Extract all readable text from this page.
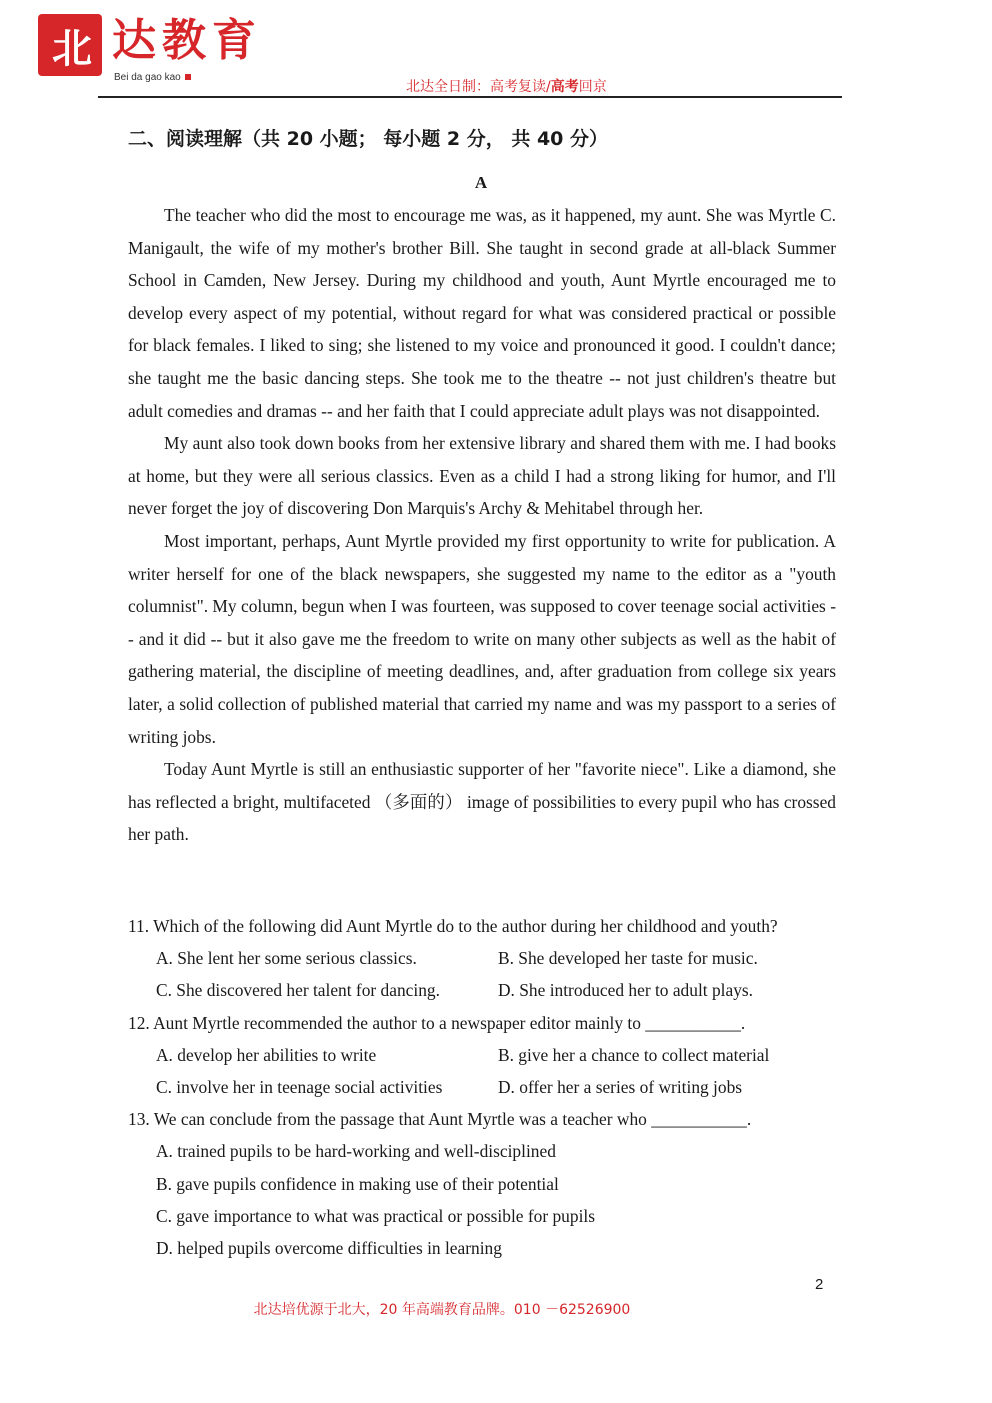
北 达教育
Bei da gao kao
北达全日制：高考复读/高考回京
二、阅读理解（共 20 小题； 每小题 2 分， 共 40 分）
A

The teacher who did the most to encourage me was, as it happened, my aunt. She was Myrtle C. Manigault, the wife of my mother's brother Bill. She taught in second grade at all-black Summer School in Camden, New Jersey. During my childhood and youth, Aunt Myrtle encouraged me to develop every aspect of my potential, without regard for what was considered practical or possible for black females. I liked to sing; she listened to my voice and pronounced it good. I couldn't dance; she taught me the basic dancing steps. She took me to the theatre -- not just children's theatre but adult comedies and dramas -- and her faith that I could appreciate adult plays was not disappointed.

My aunt also took down books from her extensive library and shared them with me. I had books at home, but they were all serious classics. Even as a child I had a strong liking for humor, and I'll never forget the joy of discovering Don Marquis's Archy & Mehitabel through her.

Most important, perhaps, Aunt Myrtle provided my first opportunity to write for publication. A writer herself for one of the black newspapers, she suggested my name to the editor as a "youth columnist". My column, begun when I was fourteen, was supposed to cover teenage social activities -- and it did -- but it also gave me the freedom to write on many other subjects as well as the habit of gathering material, the discipline of meeting deadlines, and, after graduation from college six years later, a solid collection of published material that carried my name and was my passport to a series of writing jobs.

Today Aunt Myrtle is still an enthusiastic supporter of her "favorite niece". Like a diamond, she has reflected a bright, multifaceted （多面的） image of possibilities to every pupil who has crossed her path.

11. Which of the following did Aunt Myrtle do to the author during her childhood and youth?
A. She lent her some serious classics.	B. She developed her taste for music.
C. She discovered her talent for dancing.	D. She introduced her to adult plays.
12. Aunt Myrtle recommended the author to a newspaper editor mainly to ___________.
A. develop her abilities to write	B. give her a chance to collect material
C. involve her in teenage social activities	D. offer her a series of writing jobs
13. We can conclude from the passage that Aunt Myrtle was a teacher who ___________.
A. trained pupils to be hard-working and well-disciplined
B. gave pupils confidence in making use of their potential
C. gave importance to what was practical or possible for pupils
D. helped pupils overcome difficulties in learning
2
北达培优源于北大，20 年高端教育品牌。010 －62526900
